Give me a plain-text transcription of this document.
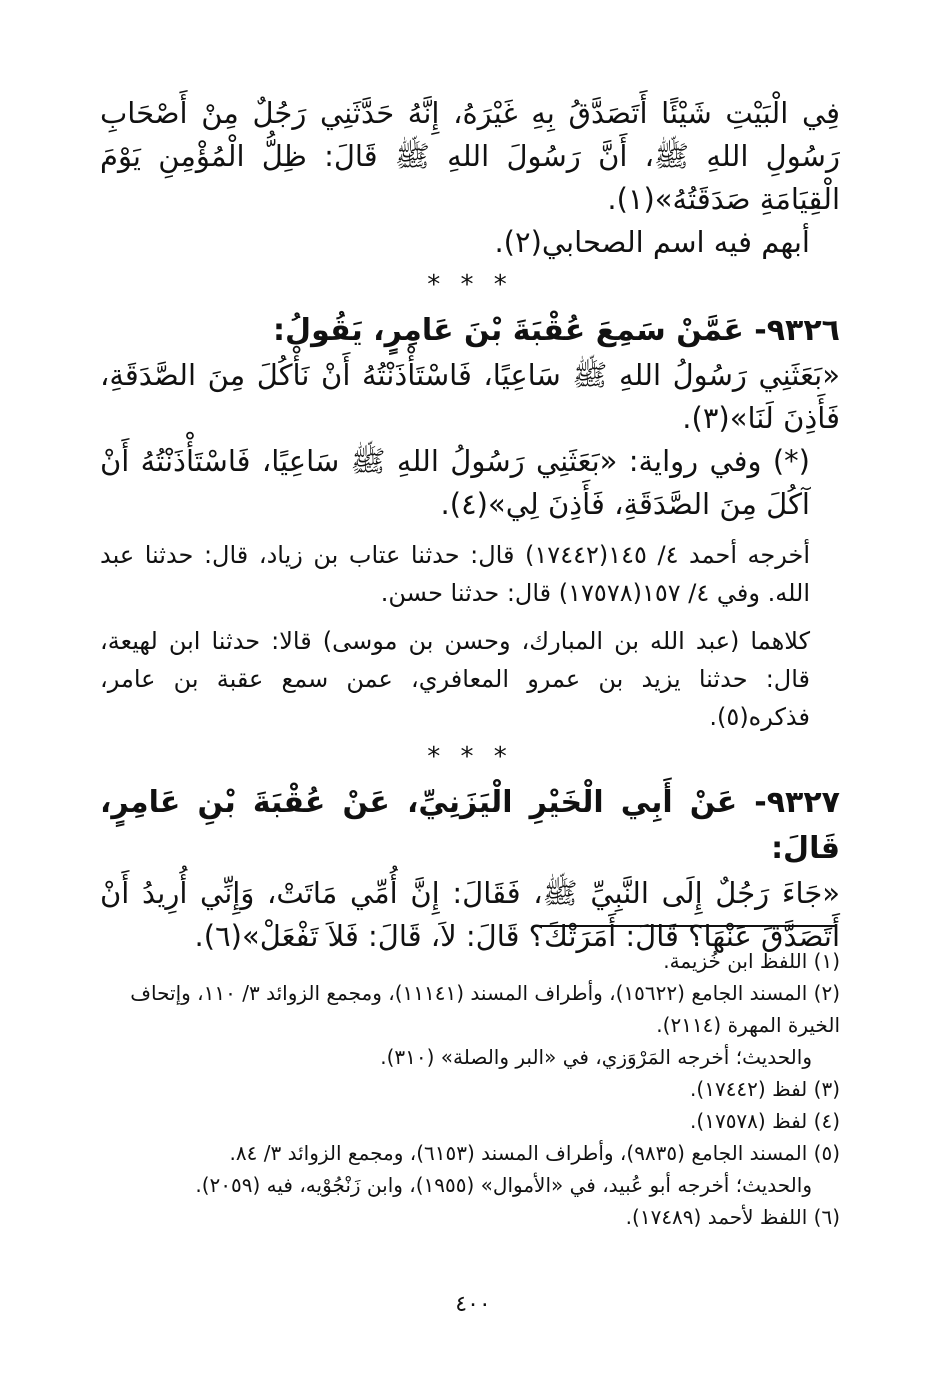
فِي الْبَيْتِ شَيْئًا أَتَصَدَّقُ بِهِ غَيْرَهُ، إِنَّهُ حَدَّثَنِي رَجُلٌ مِنْ أَصْحَابِ رَسُولِ اللهِ ﷺ، أَنَّ رَسُولَ اللهِ ﷺ قَالَ: ظِلُّ الْمُؤْمِنِ يَوْمَ الْقِيَامَةِ صَدَقَتُهُ»(١).

أبهم فيه اسم الصحابي(٢).

* * *

٩٣٢٦- عَمَّنْ سَمِعَ عُقْبَةَ بْنَ عَامِرٍ، يَقُولُ:

«بَعَثَنِي رَسُولُ اللهِ ﷺ سَاعِيًا، فَاسْتَأْذَنْتُهُ أَنْ نَأْكُلَ مِنَ الصَّدَقَةِ، فَأَذِنَ لَنَا»(٣).

(*) وفي رواية: «بَعَثَنِي رَسُولُ اللهِ ﷺ سَاعِيًا، فَاسْتَأْذَنْتُهُ أَنْ آكُلَ مِنَ الصَّدَقَةِ، فَأَذِنَ لِي»(٤).

أخرجه أحمد ٤/ ١٤٥(١٧٤٤٢) قال: حدثنا عتاب بن زياد، قال: حدثنا عبد الله. وفي ٤/ ١٥٧(١٧٥٧٨) قال: حدثنا حسن.

كلاهما (عبد الله بن المبارك، وحسن بن موسى) قالا: حدثنا ابن لهيعة، قال: حدثنا يزيد بن عمرو المعافري، عمن سمع عقبة بن عامر، فذكره(٥).

* * *

٩٣٢٧- عَنْ أَبِي الْخَيْرِ الْيَزَنِيِّ، عَنْ عُقْبَةَ بْنِ عَامِرٍ، قَالَ:

«جَاءَ رَجُلٌ إِلَى النَّبِيِّ ﷺ، فَقَالَ: إِنَّ أُمِّي مَاتَتْ، وَإِنِّي أُرِيدُ أَنْ أَتَصَدَّقَ عَنْهَا؟ قَالَ: أَمَرَتْكَ؟ قَالَ: لاَ، قَالَ: فَلاَ تَفْعَلْ»(٦).

(١) اللفظ ابن خُزيمة.

(٢) المسند الجامع (١٥٦٢٢)، وأطراف المسند (١١١٤١)، ومجمع الزوائد ٣/ ١١٠، وإتحاف الخيرة المهرة (٢١١٤).

والحديث؛ أخرجه المَرْوَزي، في «البر والصلة» (٣١٠).

(٣) لفظ (١٧٤٤٢).

(٤) لفظ (١٧٥٧٨).

(٥) المسند الجامع (٩٨٣٥)، وأطراف المسند (٦١٥٣)، ومجمع الزوائد ٣/ ٨٤.

والحديث؛ أخرجه أبو عُبيد، في «الأموال» (١٩٥٥)، وابن زَنْجُوْيه، فيه (٢٠٥٩).

(٦) اللفظ لأحمد (١٧٤٨٩).

٤٠٠
